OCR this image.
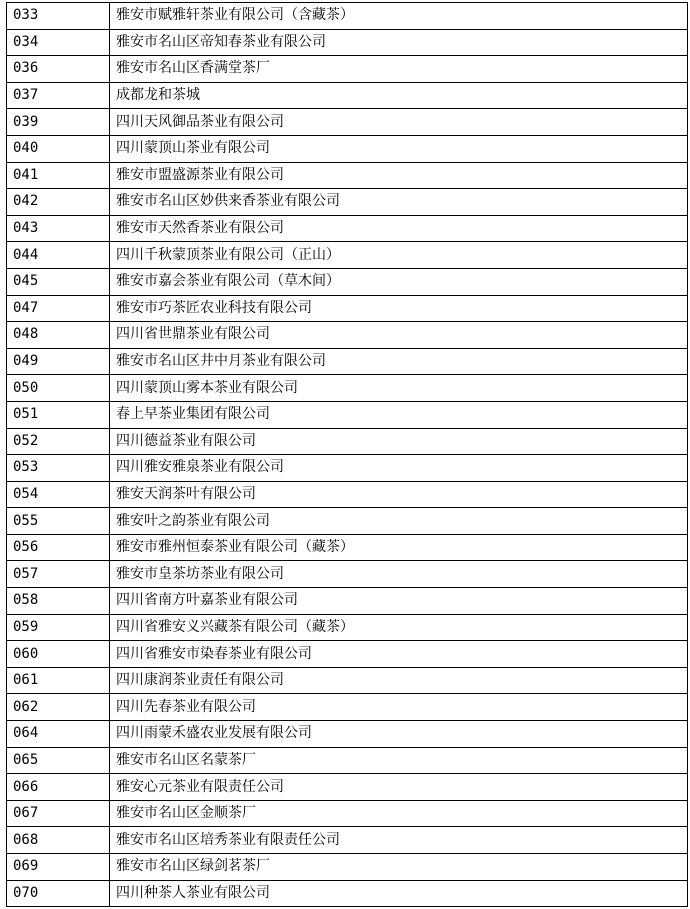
033	雅安市赋雅轩茶业有限公司（含藏茶）
034	雅安市名山区帝知春茶业有限公司
036	雅安市名山区香满堂茶厂
037	成都龙和茶城
039	四川天风御品茶业有限公司
040	四川蒙顶山茶业有限公司
041	雅安市盟盛源茶业有限公司
042	雅安市名山区妙供来香茶业有限公司
043	雅安市天然香茶业有限公司
044	四川千秋蒙顶茶业有限公司（正山）
045	雅安市嘉会茶业有限公司（草木间）
047	雅安市巧茶匠农业科技有限公司
048	四川省世鼎茶业有限公司
049	雅安市名山区井中月茶业有限公司
050	四川蒙顶山雾本茶业有限公司
051	春上早茶业集团有限公司
052	四川德益茶业有限公司
053	四川雅安雅泉茶业有限公司
054	雅安天润茶叶有限公司
055	雅安叶之韵茶业有限公司
056	雅安市雅州恒泰茶业有限公司（藏茶）
057	雅安市皇茶坊茶业有限公司
058	四川省南方叶嘉茶业有限公司
059	四川省雅安义兴藏茶有限公司（藏茶）
060	四川省雅安市染春茶业有限公司
061	四川康润茶业责任有限公司
062	四川先春茶业有限公司
064	四川雨蒙禾盛农业发展有限公司
065	雅安市名山区名蒙茶厂
066	雅安心元茶业有限责任公司
067	雅安市名山区金顺茶厂
068	雅安市名山区培秀茶业有限责任公司
069	雅安市名山区绿剑茗茶厂
070	四川种茶人茶业有限公司
